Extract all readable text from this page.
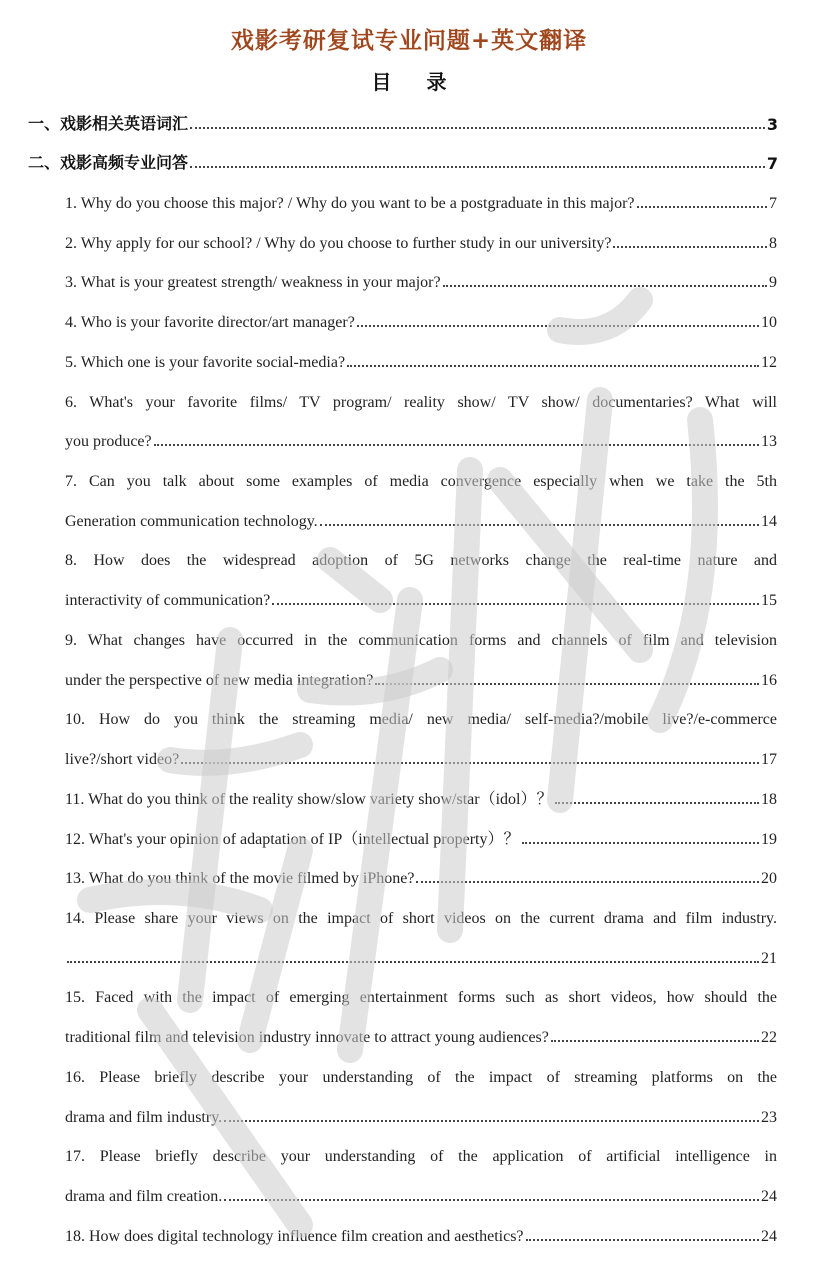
戏影考研复试专业问题+英文翻译
目 录
一、戏影相关英语词汇	3
二、戏影高频专业问答	7
1. Why do you choose this major? / Why do you want to be a postgraduate in this major?	7
2. Why apply for our school? / Why do you choose to further study in our university?	8
3. What is your greatest strength/ weakness in your major?	9
4. Who is your favorite director/art manager?	10
5. Which one is your favorite social-media?	12
6. What's your favorite films/ TV program/ reality show/ TV show/ documentaries? What will
you produce?	13
7. Can you talk about some examples of media convergence especially when we take the 5th
Generation communication technology.	14
8. How does the widespread adoption of 5G networks change the real-time nature and
interactivity of communication?	15
9. What changes have occurred in the communication forms and channels of film and television
under the perspective of new media integration?	16
10. How do you think the streaming media/ new media/ self-media?/mobile live?/e-commerce
live?/short video?	17
11. What do you think of the reality show/slow variety show/star（idol）？	18
12. What's your opinion of adaptation of IP（intellectual property）？	19
13. What do you think of the movie filmed by iPhone?	20
14. Please share your views on the impact of short videos on the current drama and film industry.
21
15. Faced with the impact of emerging entertainment forms such as short videos, how should the
traditional film and television industry innovate to attract young audiences?	22
16. Please briefly describe your understanding of the impact of streaming platforms on the
drama and film industry.	23
17. Please briefly describe your understanding of the application of artificial intelligence in
drama and film creation.	24
18. How does digital technology influence film creation and aesthetics?	24
